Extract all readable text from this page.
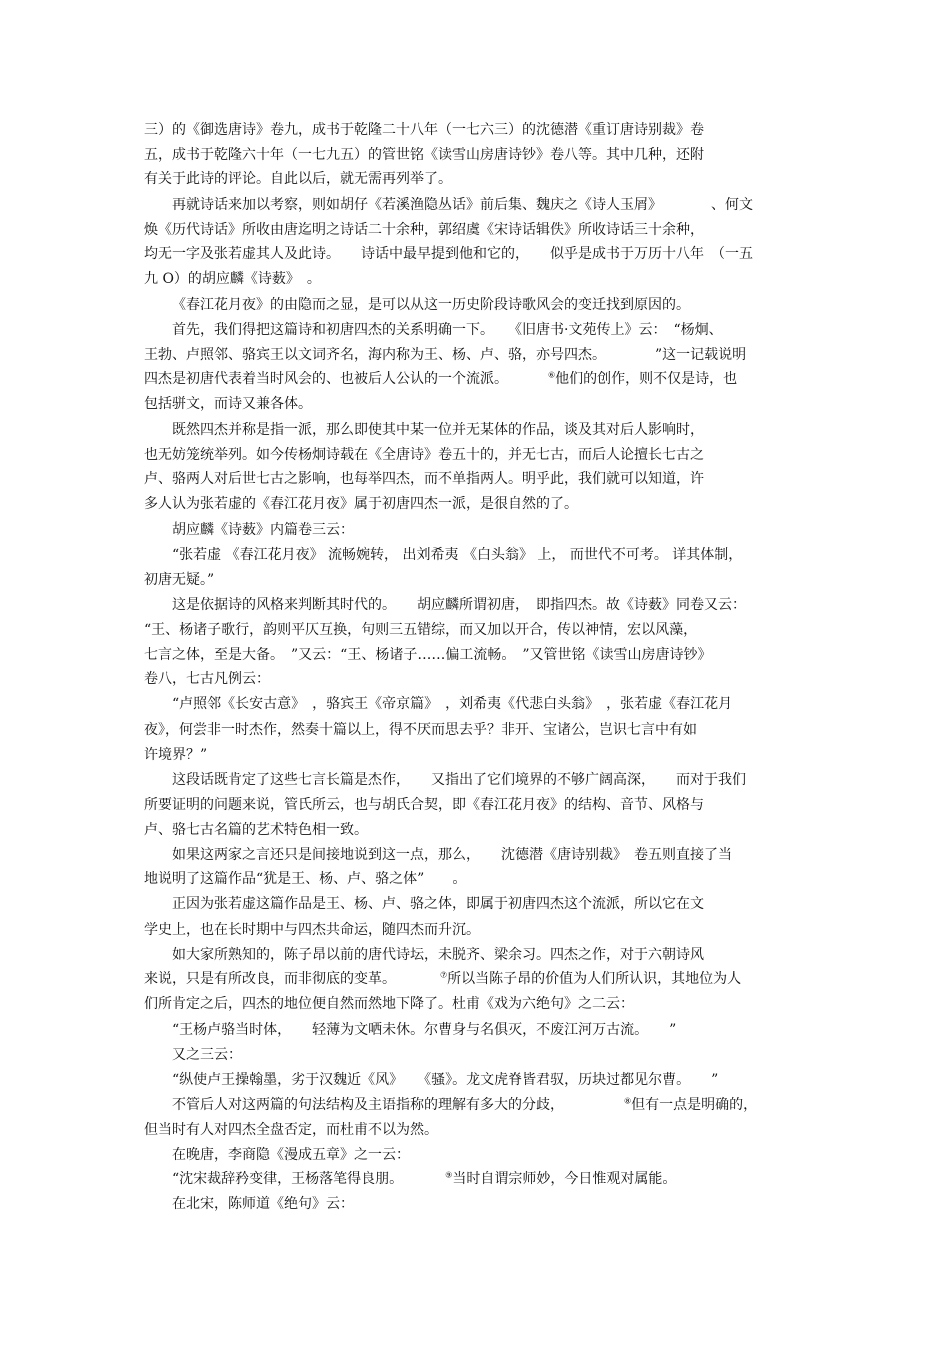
三）的《御选唐诗》卷九，成书于乾隆二十八年（一七六三）的沈德潜《重订唐诗别裁》卷
五，成书于乾隆六十年（一七九五）的管世铭《读雪山房唐诗钞》卷八等。其中几种，还附
有关于此诗的评论。自此以后，就无需再列举了。
再就诗话来加以考察，则如胡仔《若溪渔隐丛话》前后集、魏庆之《诗人玉屑》　　　　、何文
焕《历代诗话》所收由唐迄明之诗话二十余种，郭绍虞《宋诗话辑佚》所收诗话三十余种，
均无一字及张若虚其人及此诗。　　诗话中最早提到他和它的，　　似乎是成书于万历十八年　（一五
九 O）的胡应麟《诗薮》　。
《春江花月夜》的由隐而之显，是可以从这一历史阶段诗歌风会的变迁找到原因的。
首先，我们得把这篇诗和初唐四杰的关系明确一下。　　《旧唐书·文苑传上》云：　“杨炯、
王勃、卢照邻、骆宾王以文词齐名，海内称为王、杨、卢、骆，亦号四杰。　　　　”这一记载说明
四杰是初唐代表着当时风会的、也被后人公认的一个流派。	⑥他们的创作，则不仅是诗，也
包括骈文，而诗又兼各体。
既然四杰并称是指一派，那么即使其中某一位并无某体的作品，谈及其对后人影响时，
也无妨笼统举列。如今传杨炯诗载在《全唐诗》卷五十的，并无七古，而后人论擅长七古之
卢、骆两人对后世七古之影响，也每举四杰，而不单指两人。明乎此，我们就可以知道，许
多人认为张若虚的《春江花月夜》属于初唐四杰一派，是很自然的了。
胡应麟《诗薮》内篇卷三云：
“张若虚 《春江花月夜》 流畅婉转， 出刘希夷 《白头翁》 上， 而世代不可考。 详其体制，
初唐无疑。”
这是依据诗的风格来判断其时代的。　　胡应麟所谓初唐，　即指四杰。故《诗薮》同卷又云：
“王、杨诸子歌行，韵则平仄互换，句则三五错综，而又加以开合，传以神情，宏以风藻，
七言之体，至是大备。　”又云：“王、杨诸子……偏工流畅。　”又管世铭《读雪山房唐诗钞》
卷八，七古凡例云：
“卢照邻《长安古意》　，骆宾王《帝京篇》　，刘希夷《代悲白头翁》　，张若虚《春江花月
夜》，何尝非一时杰作，然奏十篇以上，得不厌而思去乎？非开、宝诸公，岂识七言中有如
许境界？”
这段话既肯定了这些七言长篇是杰作，　　又指出了它们境界的不够广阔高深，　　而对于我们
所要证明的问题来说，管氏所云，也与胡氏合契，即《春江花月夜》的结构、音节、风格与
卢、骆七古名篇的艺术特色相一致。
如果这两家之言还只是间接地说到这一点，那么，　　沈德潜《唐诗别裁》　卷五则直接了当
地说明了这篇作品“犹是王、杨、卢、骆之体”　　。
正因为张若虚这篇作品是王、杨、卢、骆之体，即属于初唐四杰这个流派，所以它在文
学史上，也在长时期中与四杰共命运，随四杰而升沉。
如大家所熟知的，陈子昂以前的唐代诗坛，未脱齐、梁余习。四杰之作，对于六朝诗风
来说，只是有所改良，而非彻底的变革。	⑦所以当陈子昂的价值为人们所认识，其地位为人
们所肯定之后，四杰的地位便自然而然地下降了。杜甫《戏为六绝句》之二云：
“王杨卢骆当时体，　　轻薄为文哂未休。尔曹身与名俱灭，不废江河万古流。　　”
又之三云：
“纵使卢王操翰墨，劣于汉魏近《风》　　《骚》。龙文虎脊皆君驭，历块过都见尔曹。　　”
不管后人对这两篇的句法结构及主语指称的理解有多大的分歧，	⑧但有一点是明确的，
但当时有人对四杰全盘否定，而杜甫不以为然。
在晚唐，李商隐《漫成五章》之一云：
“沈宋裁辞矜变律，王杨落笔得良朋。	⑨当时自谓宗师妙，今日惟观对属能。
在北宋，陈师道《绝句》云：
